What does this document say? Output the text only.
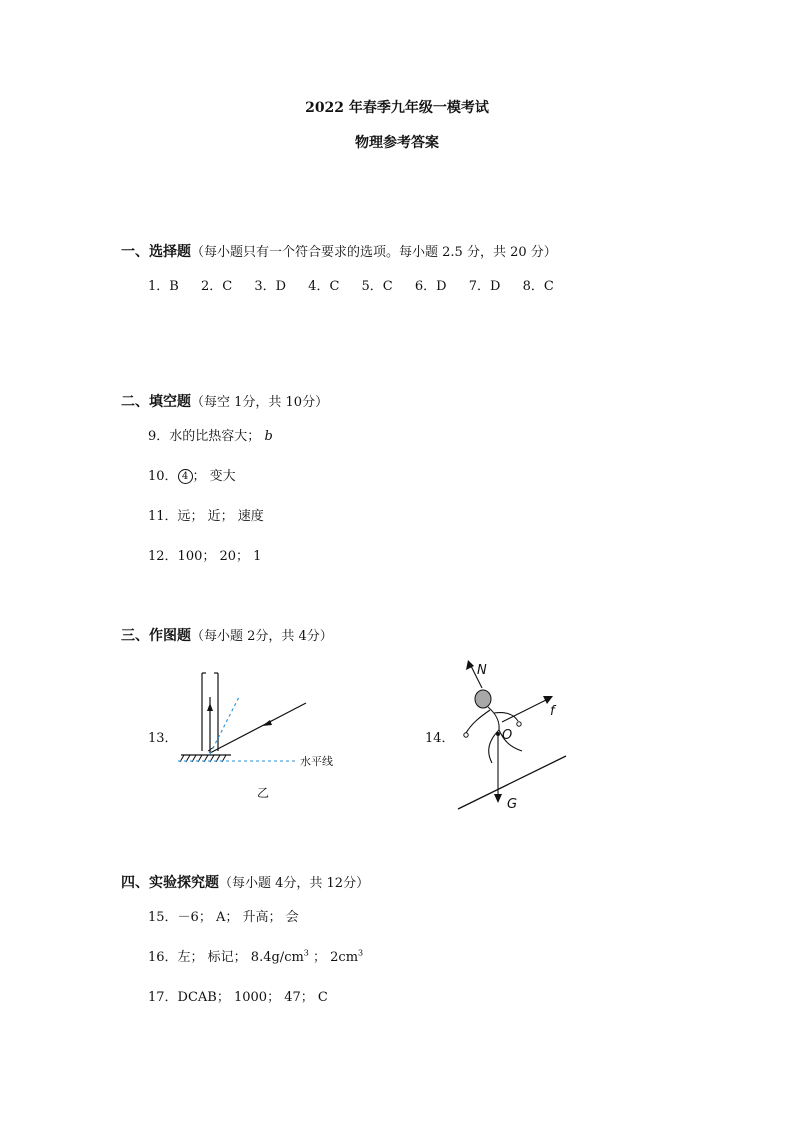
2022 年春季九年级一模考试
物理参考答案
一、选择题（每小题只有一个符合要求的选项。每小题 2.5 分，共 20 分）
1．B 2．C 3．D 4．C 5．C 6．D 7．D 8．C
二、填空题（每空 1分，共 10分）
9．水的比热容大； b
10． 4 ； 变大
11．远； 近； 速度
12．100； 20； 1
三、作图题（每小题 2分，共 4分）
13．	14．
水平线
乙
f
N
O
G
四、实验探究题（每小题 4分，共 12分）
15．－6； A； 升高； 会
16．左； 标记； $8.4g/cm^3$ ； $2cm^3$
17．DCAB； 1000； 47； C
